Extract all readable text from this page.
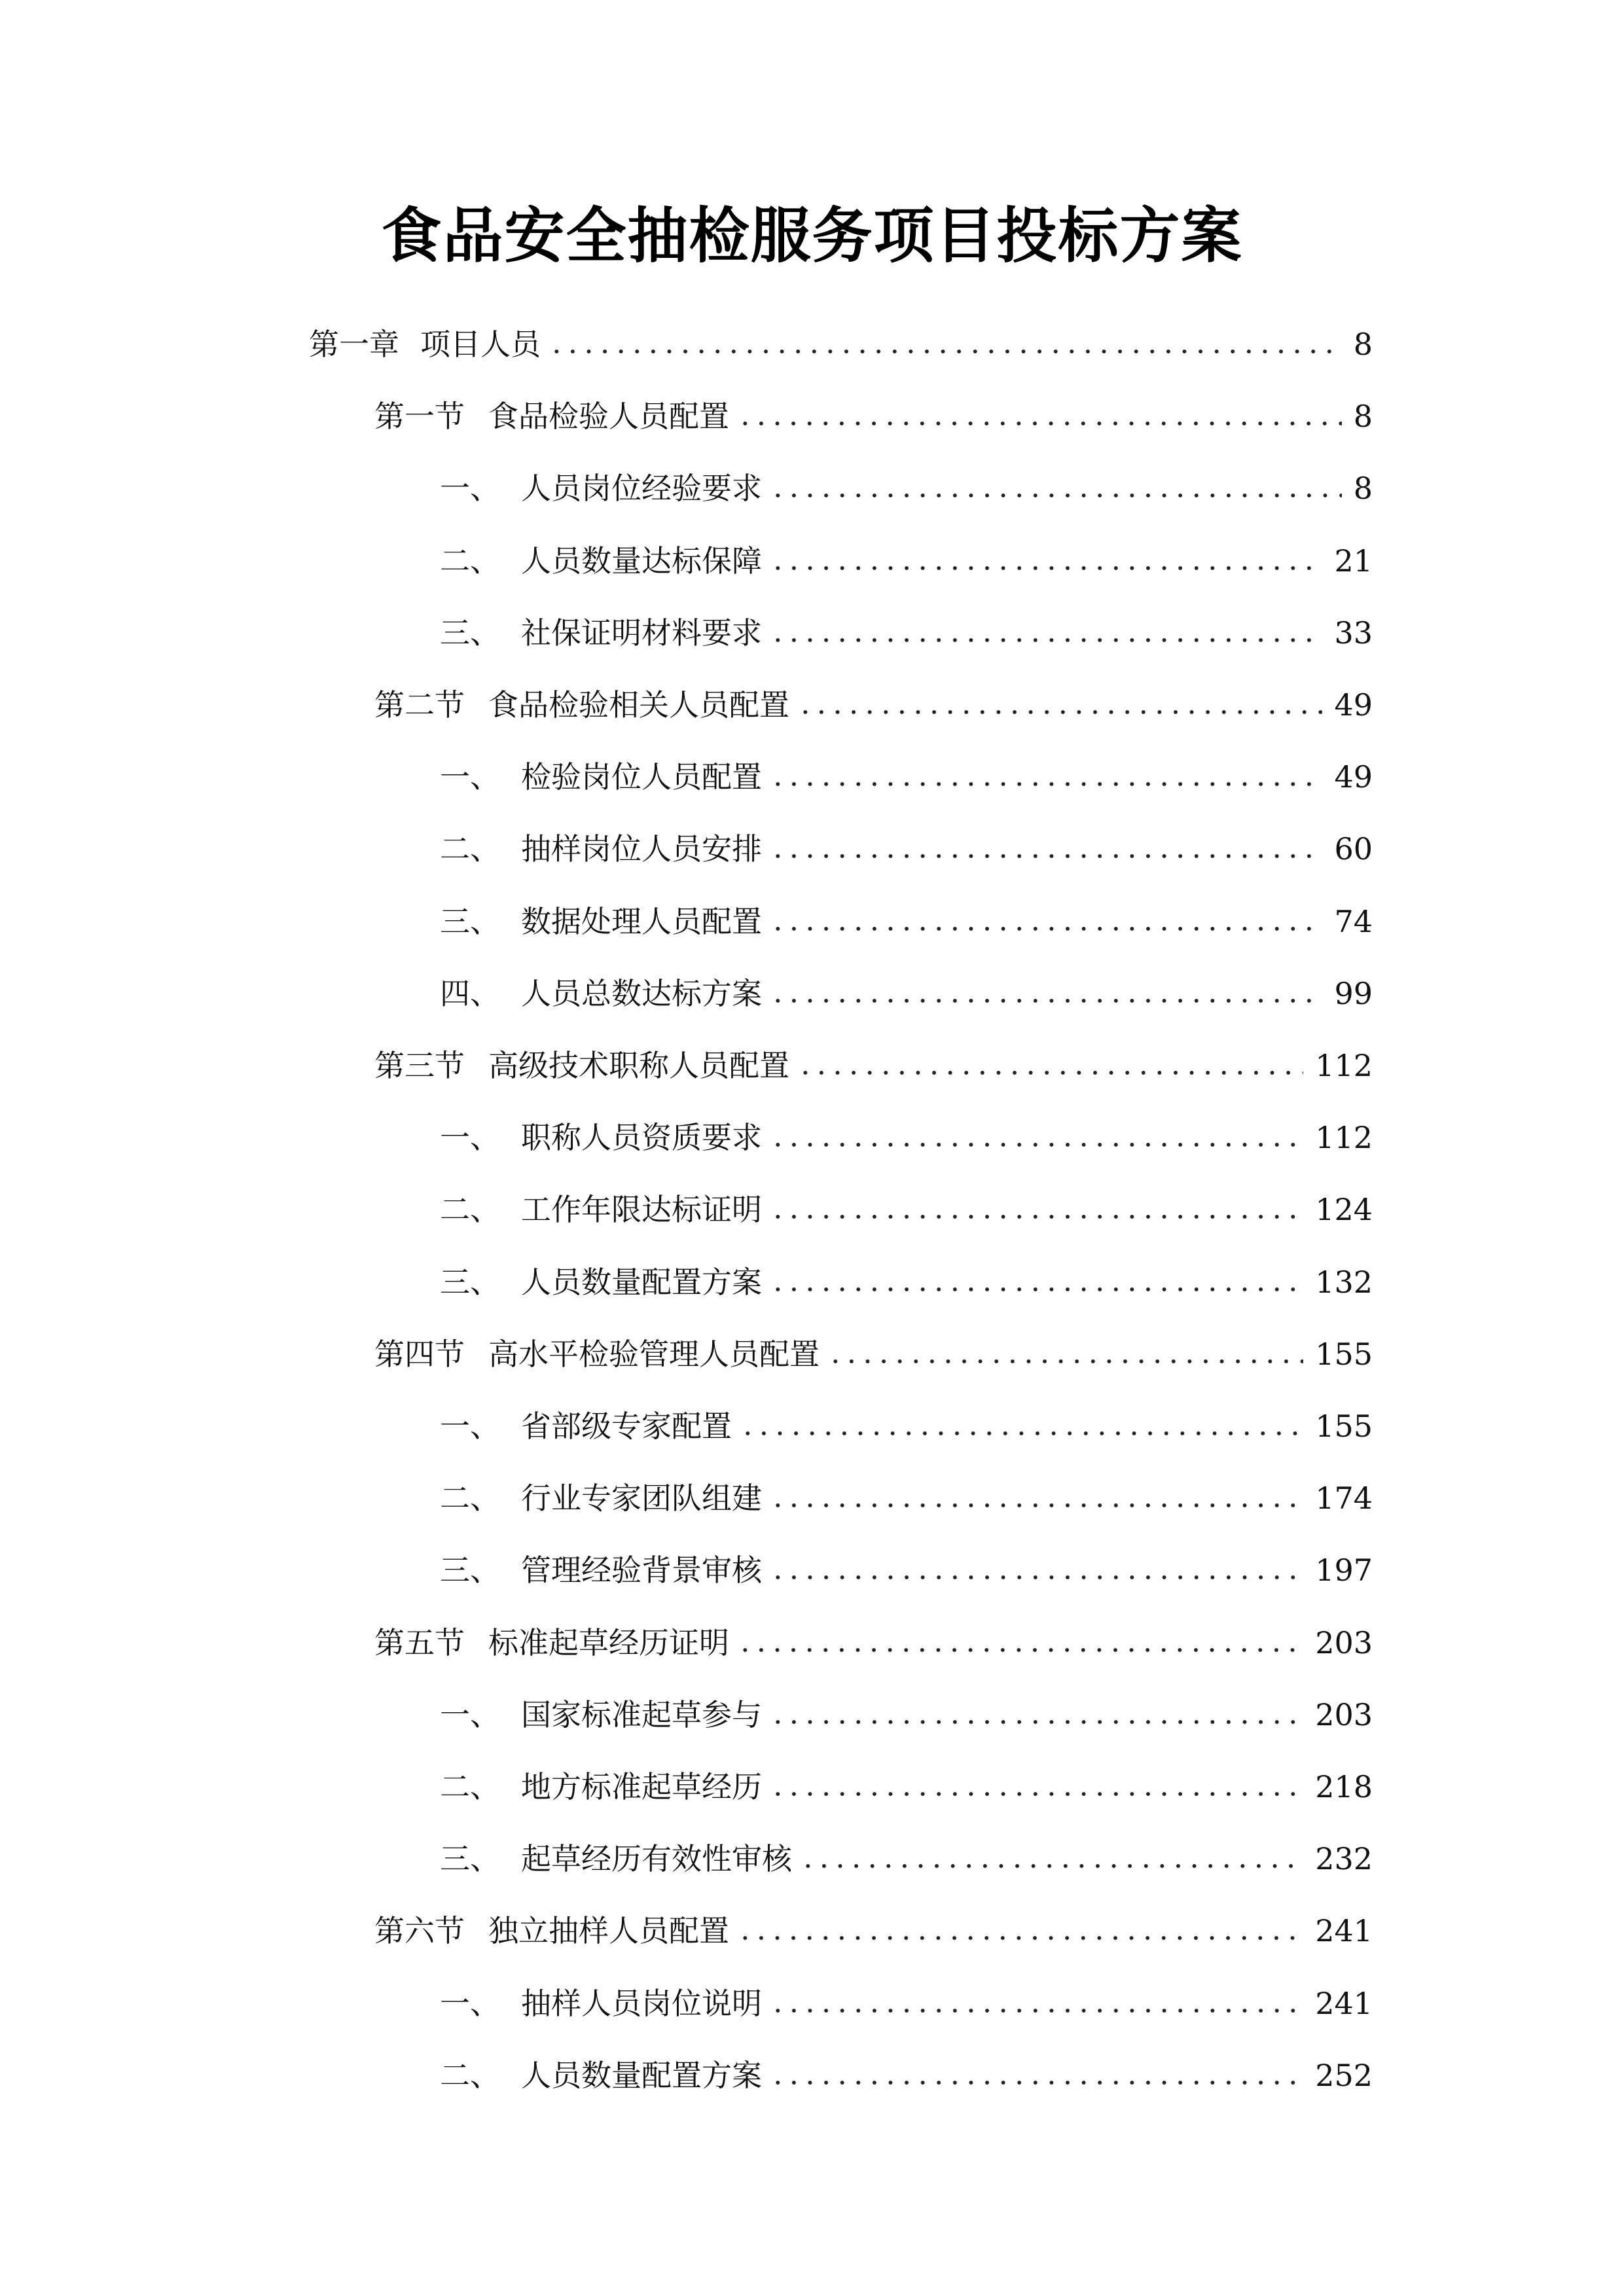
食品安全抽检服务项目投标方案
第一章 项目人员	8
第一节 食品检验人员配置	8
一、 人员岗位经验要求	8
二、 人员数量达标保障	21
三、 社保证明材料要求	33
第二节 食品检验相关人员配置	49
一、 检验岗位人员配置	49
二、 抽样岗位人员安排	60
三、 数据处理人员配置	74
四、 人员总数达标方案	99
第三节 高级技术职称人员配置	112
一、 职称人员资质要求	112
二、 工作年限达标证明	124
三、 人员数量配置方案	132
第四节 高水平检验管理人员配置	155
一、 省部级专家配置	155
二、 行业专家团队组建	174
三、 管理经验背景审核	197
第五节 标准起草经历证明	203
一、 国家标准起草参与	203
二、 地方标准起草经历	218
三、 起草经历有效性审核	232
第六节 独立抽样人员配置	241
一、 抽样人员岗位说明	241
二、 人员数量配置方案	252
